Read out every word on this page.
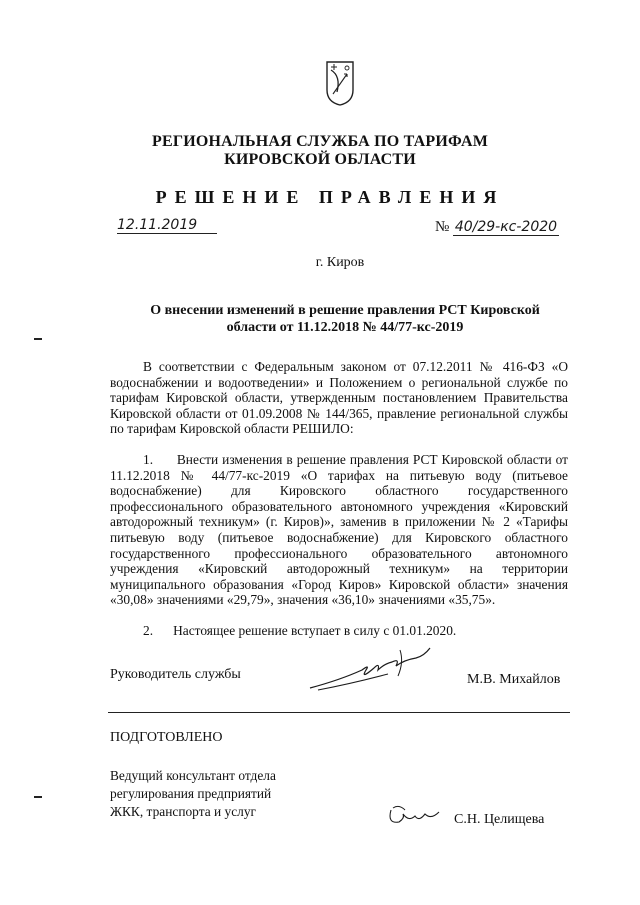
РЕГИОНАЛЬНАЯ СЛУЖБА ПО ТАРИФАМ
КИРОВСКОЙ ОБЛАСТИ
РЕШЕНИЕ ПРАВЛЕНИЯ
12.11.2019	№ 40/29-кс-2020
г. Киров
О внесении изменений в решение правления РСТ Кировской
области от 11.12.2018 № 44/77-кс-2019

В соответствии с Федеральным законом от 07.12.2011 № 416-ФЗ «О водоснабжении и водоотведении» и Положением о региональной службе по тарифам Кировской области, утвержденным постановлением Правительства Кировской области от 01.09.2008 № 144/365, правление региональной службы по тарифам Кировской области РЕШИЛО:

1.      Внести изменения в решение правления РСТ Кировской области от 11.12.2018 № 44/77-кс-2019 «О тарифах на питьевую воду (питьевое водоснабжение) для Кировского областного государственного профессионального образовательного автономного учреждения «Кировский автодорожный техникум» (г. Киров)», заменив в приложении № 2 «Тарифы питьевую воду (питьевое водоснабжение) для Кировского областного государственного профессионального образовательного автономного учреждения «Кировский автодорожный техникум» на территории муниципального образования «Город Киров» Кировской области» значения «30,08» значениями «29,79», значения «36,10» значениями «35,75».

2.      Настоящее решение вступает в силу с 01.01.2020.

Руководитель службы	М.В. Михайлов
ПОДГОТОВЛЕНО
Ведущий консультант отдела
регулирования предприятий
ЖКК, транспорта и услуг
С.Н. Целищева
